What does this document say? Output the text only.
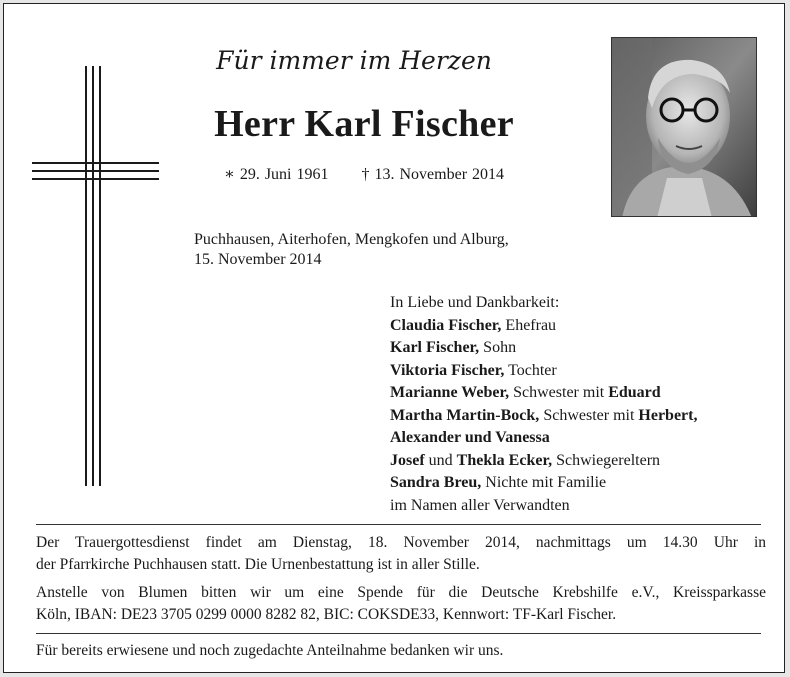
Für immer im Herzen
Herr Karl Fischer
∗ 29. Juni 1961 † 13. November 2014
Puchhausen, Aiterhofen, Mengkofen und Alburg,
15. November 2014
In Liebe und Dankbarkeit:
Claudia Fischer, Ehefrau
Karl Fischer, Sohn
Viktoria Fischer, Tochter
Marianne Weber, Schwester mit Eduard
Martha Martin-Bock, Schwester mit Herbert,
Alexander und Vanessa
Josef und Thekla Ecker, Schwiegereltern
Sandra Breu, Nichte mit Familie
im Namen aller Verwandten
Der Trauergottesdienst findet am Dienstag, 18. November 2014, nachmittags um 14.30 Uhr in
der Pfarrkirche Puchhausen statt. Die Urnenbestattung ist in aller Stille.
Anstelle von Blumen bitten wir um eine Spende für die Deutsche Krebshilfe e.V., Kreissparkasse
Köln, IBAN: DE23 3705 0299 0000 8282 82, BIC: COKSDE33, Kennwort: TF-Karl Fischer.
Für bereits erwiesene und noch zugedachte Anteilnahme bedanken wir uns.
